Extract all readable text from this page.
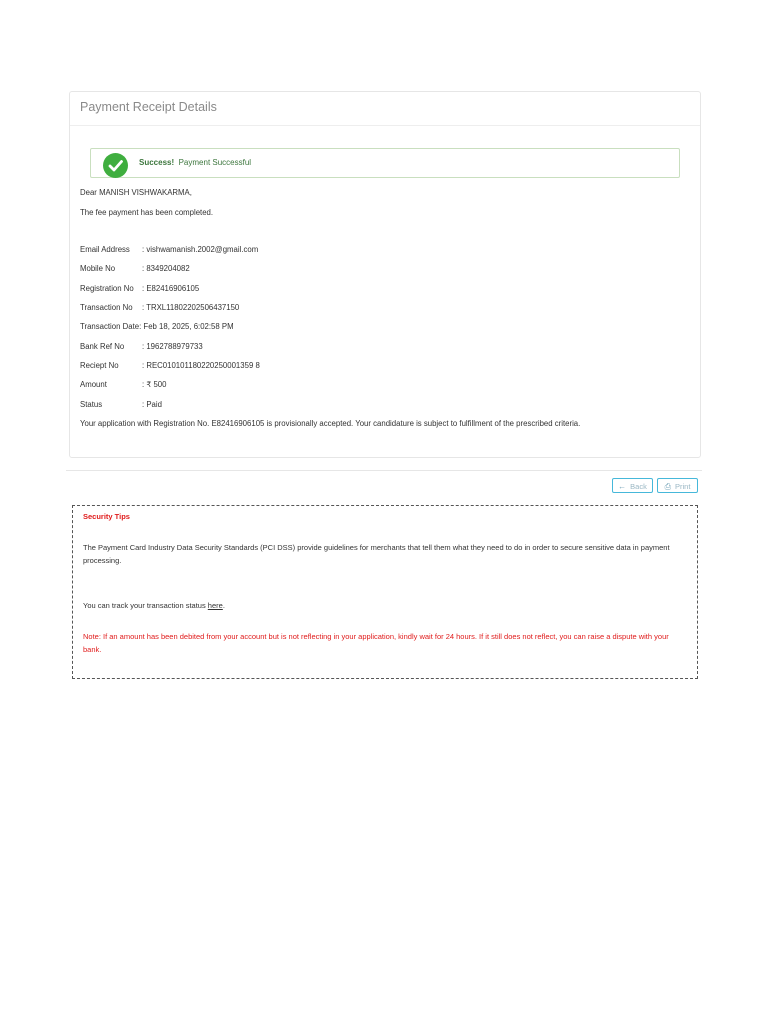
Payment Receipt Details
Success! Payment Successful
Dear MANISH VISHWAKARMA,
The fee payment has been completed.
Email Address : vishwamanish.2002@gmail.com
Mobile No	: 8349204082
Registration No : E82416906105
Transaction No : TRXL11802202506437150
Transaction Date: Feb 18, 2025, 6:02:58 PM
Bank Ref No : 1962788979733
Reciept No	: REC010101180220250001359 8
Amount	: ₹ 500
Status	: Paid
Your application with Registration No. E82416906105 is provisionally accepted. Your candidature is subject to fulfillment of the prescribed criteria.
← Back	⎙ Print
Security Tips
The Payment Card Industry Data Security Standards (PCI DSS) provide guidelines for merchants that tell them what they need to do in order to secure sensitive data in payment processing.
You can track your transaction status here.
Note: If an amount has been debited from your account but is not reflecting in your application, kindly wait for 24 hours. If it still does not reflect, you can raise a dispute with your bank.
